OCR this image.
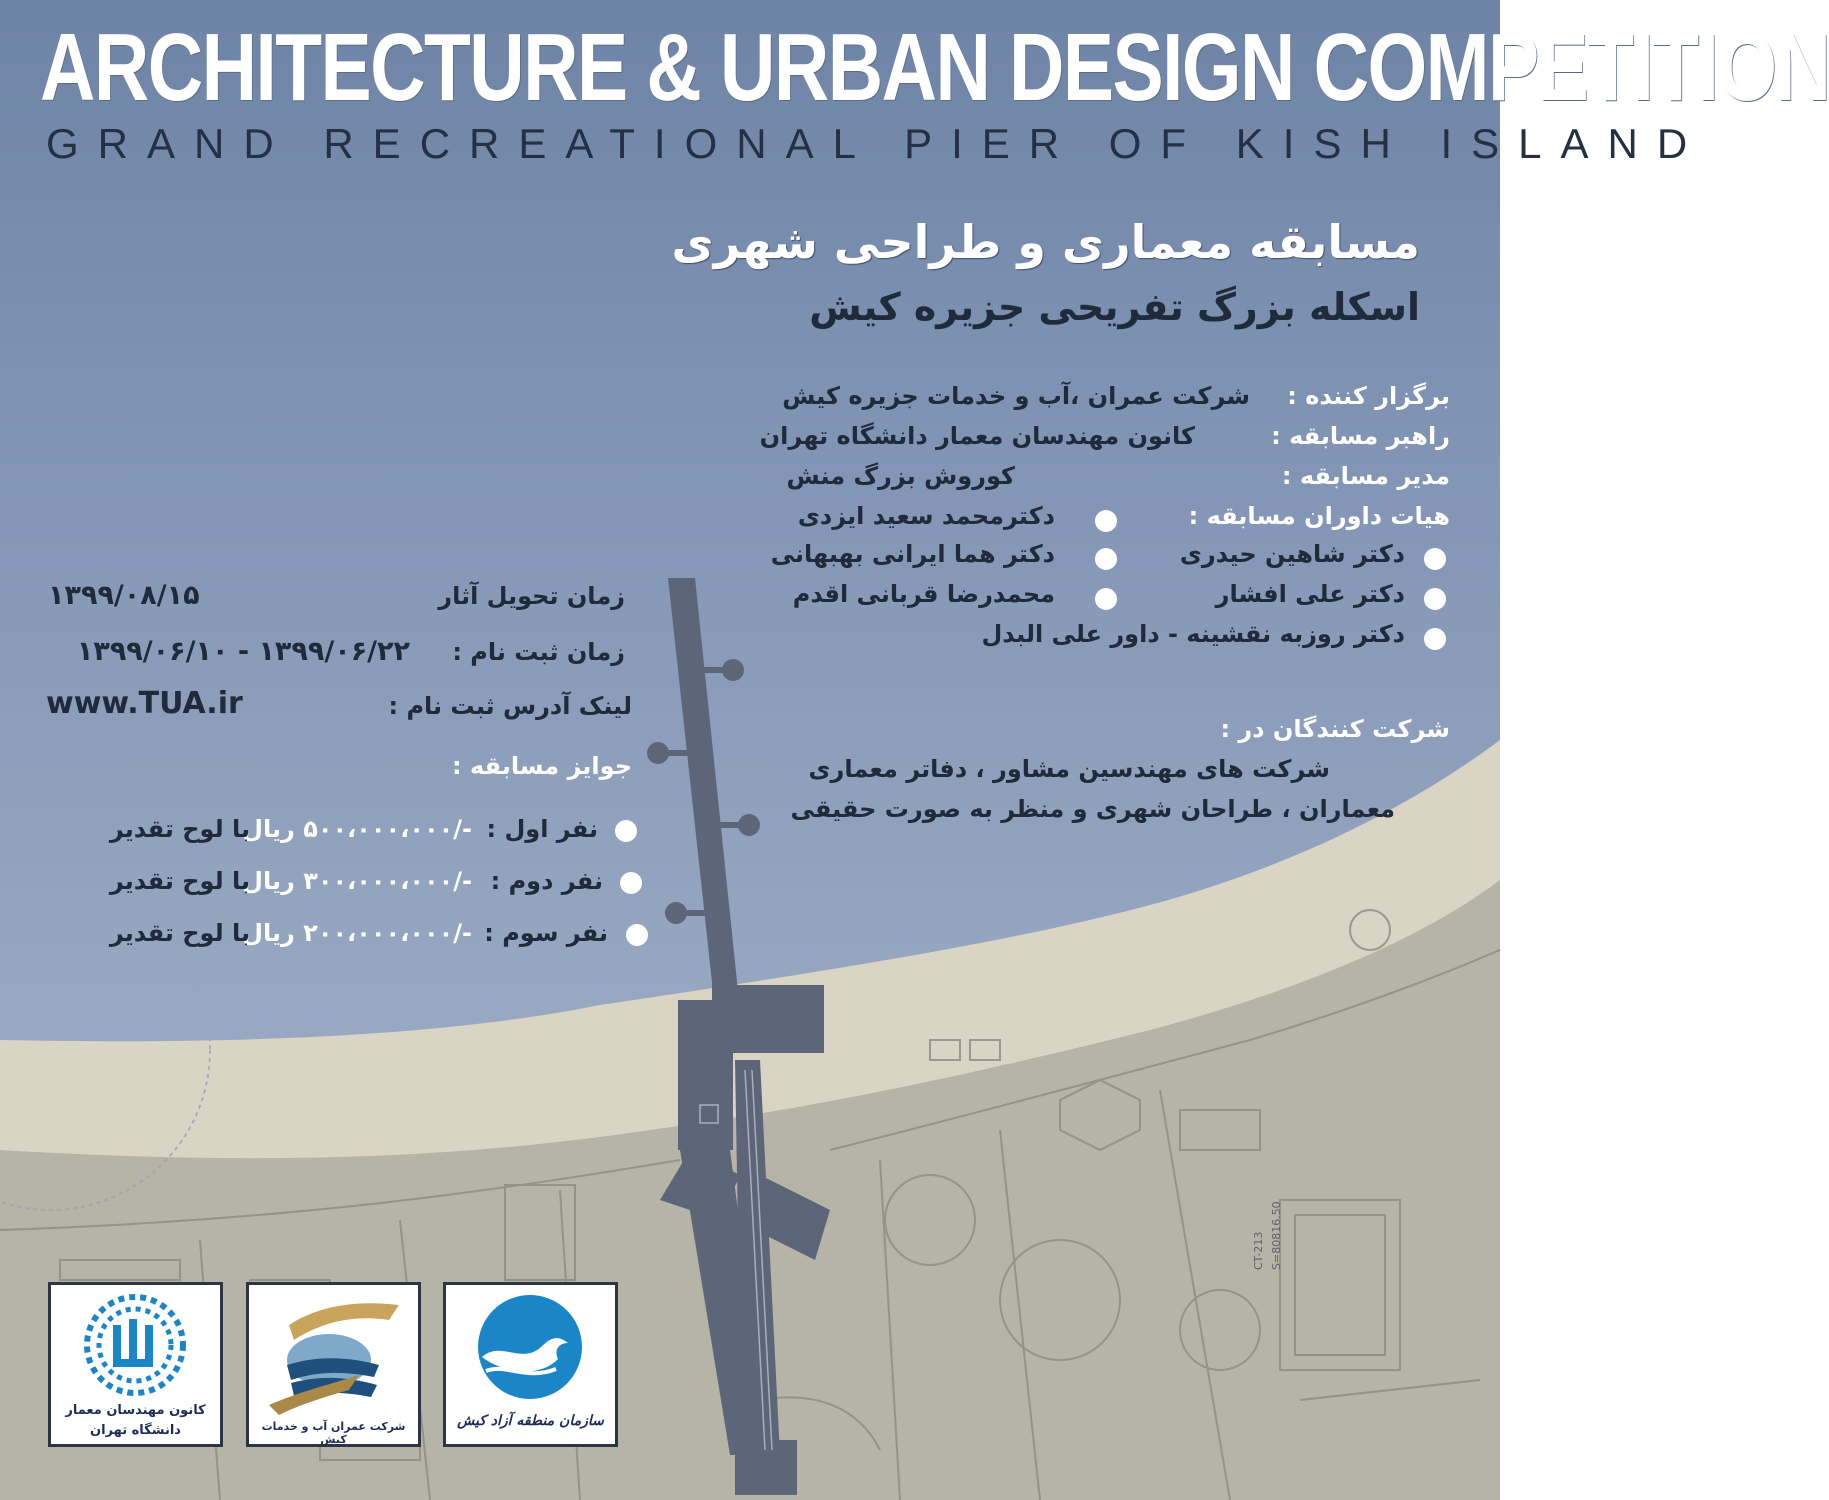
CT-213 S=80816.50
ARCHITECTURE & URBAN DESIGN COMPETITION
GRAND RECREATIONAL PIER OF KISH ISLAND
مسابقه معماری و طراحی شهری
اسکله بزرگ تفریحی جزیره کیش
برگزار کننده :
شرکت عمران ،آب و خدمات جزیره کیش
راهبر مسابقه :
کانون مهندسان معمار دانشگاه تهران
مدیر مسابقه :
کوروش بزرگ منش
هیات داوران مسابقه :
دکترمحمد سعید ایزدی
دکتر شاهین حیدری
دکتر هما ایرانی بهبهانی
دکتر علی افشار
محمدرضا قربانی اقدم
دکتر روزبه نقشینه - داور علی البدل
شرکت کنندگان در :
شرکت های مهندسین مشاور ، دفاتر معماری
معماران ، طراحان شهری و منظر به صورت حقیقی
زمان تحویل آثار
۱۳۹۹/۰۸/۱۵
زمان ثبت نام :
۱۳۹۹/۰۶/۲۲ - ۱۳۹۹/۰۶/۱۰
لینک آدرس ثبت نام :
www.TUA.ir
جوایز مسابقه :
نفر اول :
-/۵۰۰،۰۰۰،۰۰۰ ریال
با لوح تقدیر
نفر دوم :
-/۳۰۰،۰۰۰،۰۰۰ ریال
با لوح تقدیر
نفر سوم :
-/۲۰۰،۰۰۰،۰۰۰ ریال
با لوح تقدیر
کانون مهندسان معمار
دانشگاه تهران	شرکت عمران آب و خدمات کیش
سازمان منطقه آزاد کیش
